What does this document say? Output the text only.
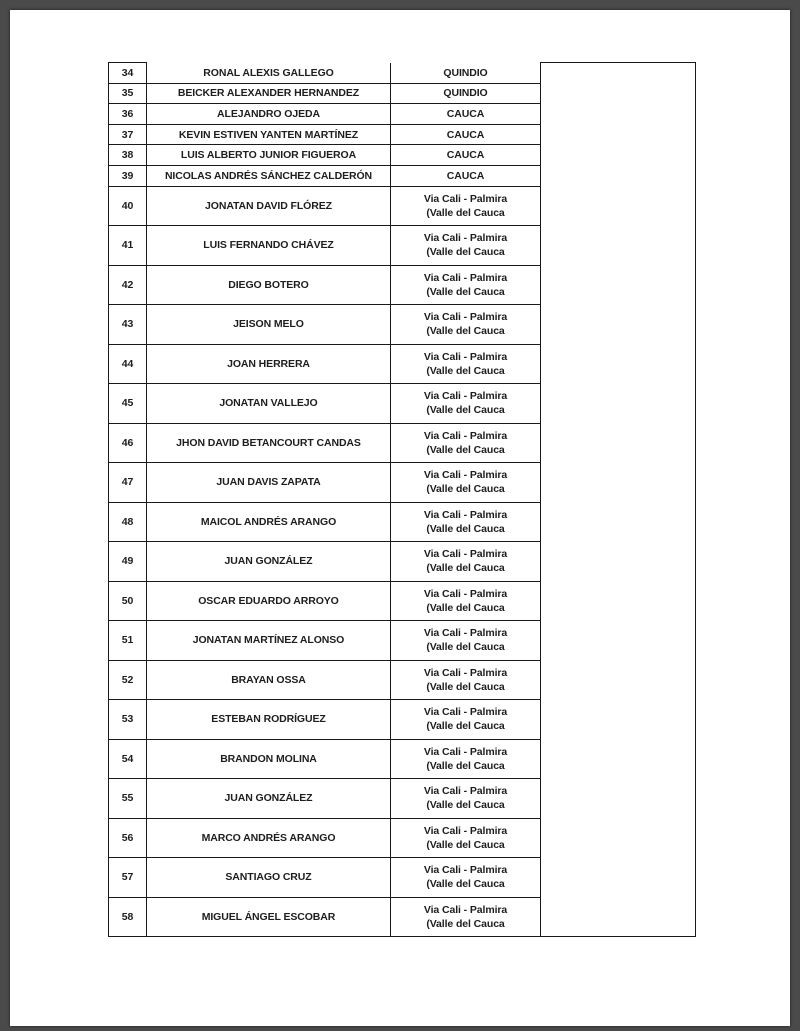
34	RONAL ALEXIS GALLEGO	QUINDIO	

35	BEICKER ALEXANDER HERNANDEZ	QUINDIO	

36	ALEJANDRO OJEDA	CAUCA	

37	KEVIN ESTIVEN YANTEN MARTÍNEZ	CAUCA	

38	LUIS ALBERTO JUNIOR FIGUEROA	CAUCA	

39	NICOLAS ANDRÉS SÁNCHEZ CALDERÓN	CAUCA	

40	JONATAN DAVID FLÓREZ	Via Cali - Palmira
(Valle del Cauca	

41	LUIS FERNANDO CHÁVEZ	Via Cali - Palmira
(Valle del Cauca	

42	DIEGO BOTERO	Via Cali - Palmira
(Valle del Cauca	

43	JEISON MELO	Via Cali - Palmira
(Valle del Cauca	

44	JOAN HERRERA	Via Cali - Palmira
(Valle del Cauca	

45	JONATAN VALLEJO	Via Cali - Palmira
(Valle del Cauca	

46	JHON DAVID BETANCOURT CANDAS	Via Cali - Palmira
(Valle del Cauca	

47	JUAN DAVIS ZAPATA	Via Cali - Palmira
(Valle del Cauca	

48	MAICOL ANDRÉS ARANGO	Via Cali - Palmira
(Valle del Cauca	

49	JUAN GONZÁLEZ	Via Cali - Palmira
(Valle del Cauca	

50	OSCAR EDUARDO ARROYO	Via Cali - Palmira
(Valle del Cauca	

51	JONATAN MARTÍNEZ ALONSO	Via Cali - Palmira
(Valle del Cauca	

52	BRAYAN OSSA	Via Cali - Palmira
(Valle del Cauca	

53	ESTEBAN RODRÍGUEZ	Via Cali - Palmira
(Valle del Cauca	

54	BRANDON MOLINA	Via Cali - Palmira
(Valle del Cauca	

55	JUAN GONZÁLEZ	Via Cali - Palmira
(Valle del Cauca	

56	MARCO ANDRÉS ARANGO	Via Cali - Palmira
(Valle del Cauca	

57	SANTIAGO CRUZ	Via Cali - Palmira
(Valle del Cauca	

58	MIGUEL ÁNGEL ESCOBAR	Via Cali - Palmira
(Valle del Cauca	
